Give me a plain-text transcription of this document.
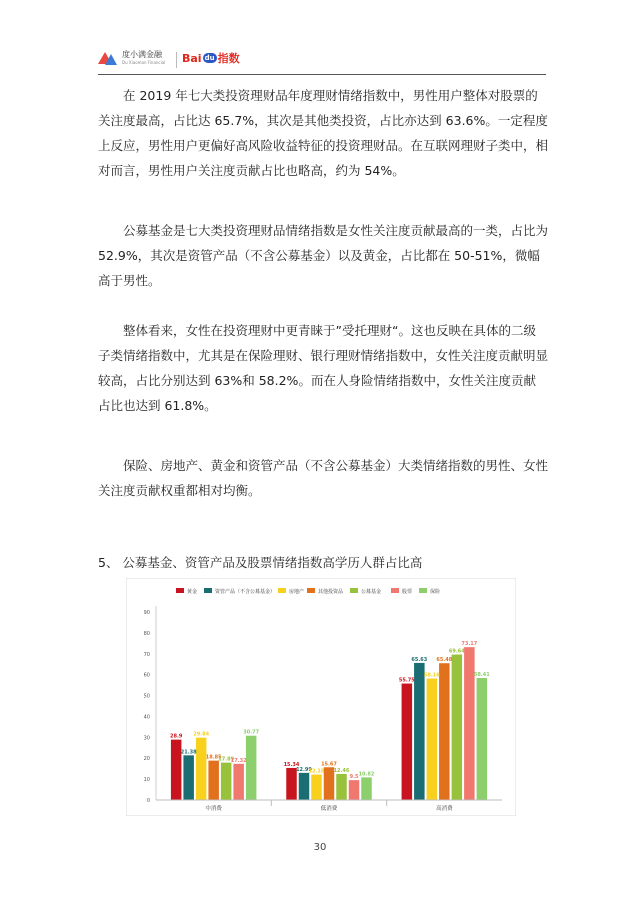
度小满金融
Du Xiaoman Financial Bai du 指数

在 2019 年七大类投资理财品年度理财情绪指数中，男性用户整体对股票的关注度最高，占比达 65.7%，其次是其他类投资，占比亦达到 63.6%。一定程度上反应，男性用户更偏好高风险收益特征的投资理财品。在互联网理财子类中，相对而言，男性用户关注度贡献占比也略高，约为 54%。

公募基金是七大类投资理财品情绪指数是女性关注度贡献最高的一类，占比为 52.9%，其次是资管产品（不含公募基金）以及黄金，占比都在 50-51%，微幅高于男性。

整体看来，女性在投资理财中更青睐于”受托理财“。这也反映在具体的二级子类情绪指数中，尤其是在保险理财、银行理财情绪指数中，女性关注度贡献明显较高，占比分别达到 63%和 58.2%。而在人身险情绪指数中，女性关注度贡献占比也达到 61.8%。

保险、房地产、黄金和资管产品（不含公募基金）大类情绪指数的男性、女性关注度贡献权重都相对均衡。

5、 公募基金、资管产品及股票情绪指数高学历人群占比高
黄金	资管产品（不含公募基金）	房地产	其他投资品	公募基金	股票	保险
0
10
20
30
40
50
60
70
80
90
28.9
21.38
29.84
18.85
17.89
17.32
30.77
15.34
12.99
12.18
15.67
12.46
9.5 10.82
55.75
65.63
58.16
65.48
69.64
73.17
58.41
中消费	低消费	高消费
30
